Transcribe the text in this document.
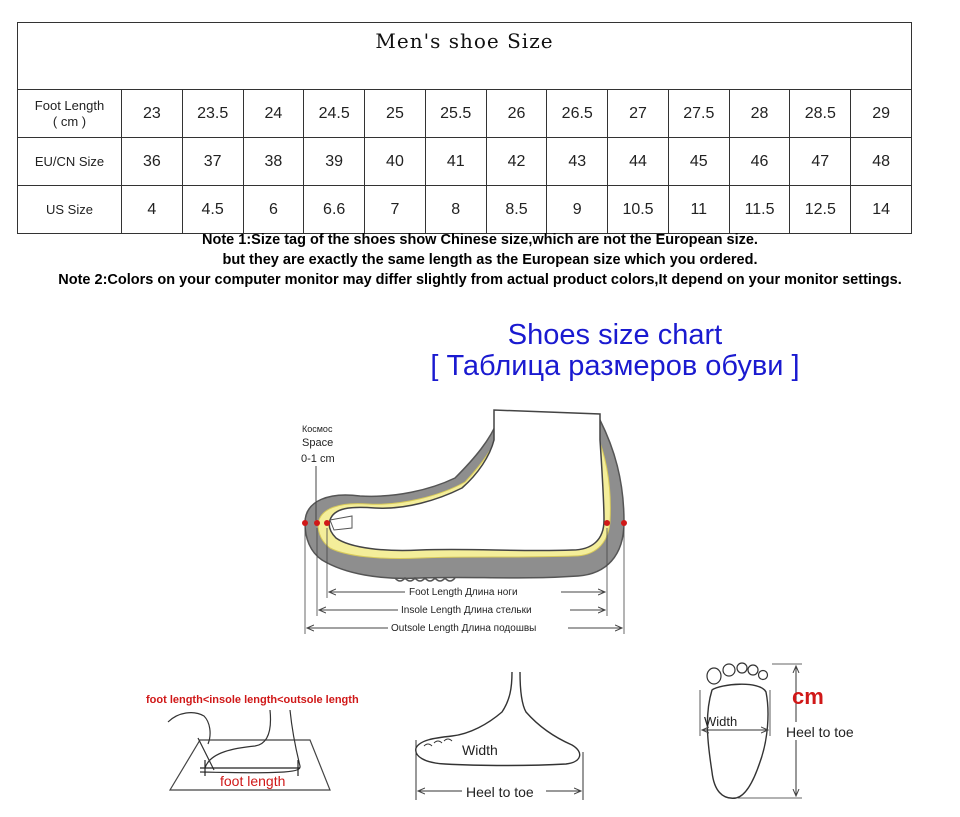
Men's shoe Size													

Foot Length
( cm )	23	23.5	24	24.5	25	25.5	26	26.5	27	27.5	28	28.5	29

EU/CN Size	36	37	38	39	40	41	42	43	44	45	46	47	48

US Size	4	4.5	6	6.6	7	8	8.5	9	10.5	11	11.5	12.5	14
Note 1:Size tag of the shoes show Chinese size,which are not the European size.
but they are exactly the same length as the European size which you ordered.
Note 2:Colors on your computer monitor may differ slightly from actual product colors,It depend on your monitor settings.
Shoes size chart
[ Таблица размеров обуви ]
Космос
Space
0-1 cm
Foot Length Длина ноги
Insole Length Длина стельки
Outsole Length Длина подошвы
foot length<insole length<outsole length
foot length
Width
Heel to toe
Width
Heel to toe
cm
